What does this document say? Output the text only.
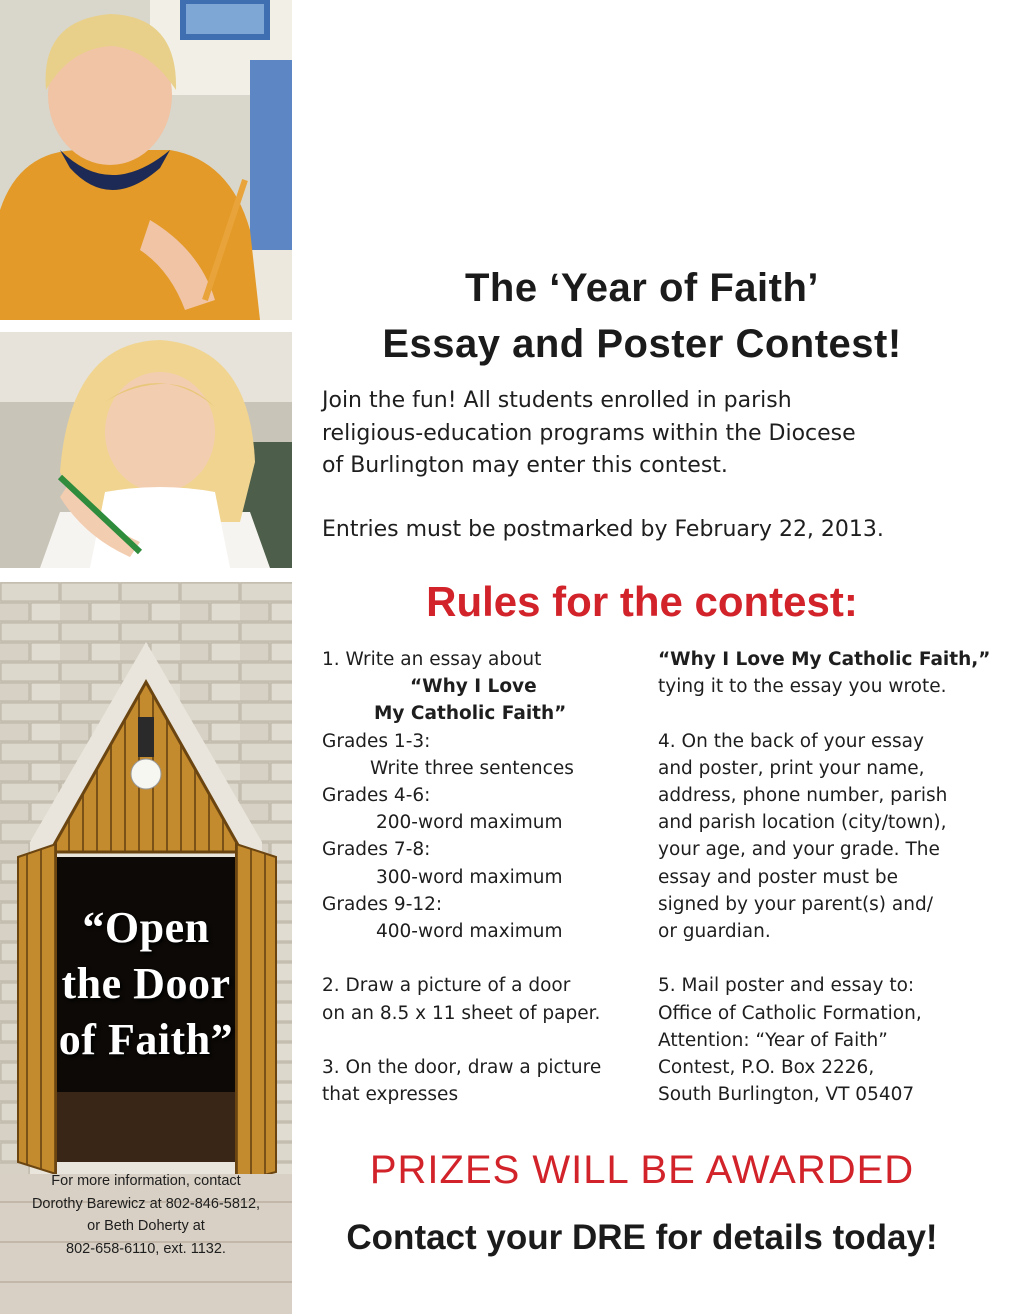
“Open
the Door
of Faith”
For more information, contact
Dorothy Barewicz at 802-846-5812,
or Beth Doherty at
802-658-6110, ext. 1132.
The ‘Year of Faith’
Essay and Poster Contest!
Join the fun! All students enrolled in parish
religious-education programs within the Diocese
of Burlington may enter this contest.
Entries must be postmarked by February 22, 2013.
Rules for the contest:
1. Write an essay about
“Why I Love
My Catholic Faith”
Grades 1-3:
Write three sentences
Grades 4-6:
200-word maximum
Grades 7-8:
300-word maximum
Grades 9-12:
400-word maximum
2. Draw a picture of a door
on an 8.5 x 11 sheet of paper.
3. On the door, draw a picture
that expresses
“Why I Love My Catholic Faith,”
tying it to the essay you wrote.
4. On the back of your essay
and poster, print your name,
address, phone number, parish
and parish location (city/town),
your age, and your grade. The
essay and poster must be
signed by your parent(s) and/
or guardian.
5. Mail poster and essay to:
Office of Catholic Formation,
Attention: “Year of Faith”
Contest, P.O. Box 2226,
South Burlington, VT 05407
PRIZES WILL BE AWARDED
Contact your DRE for details today!
